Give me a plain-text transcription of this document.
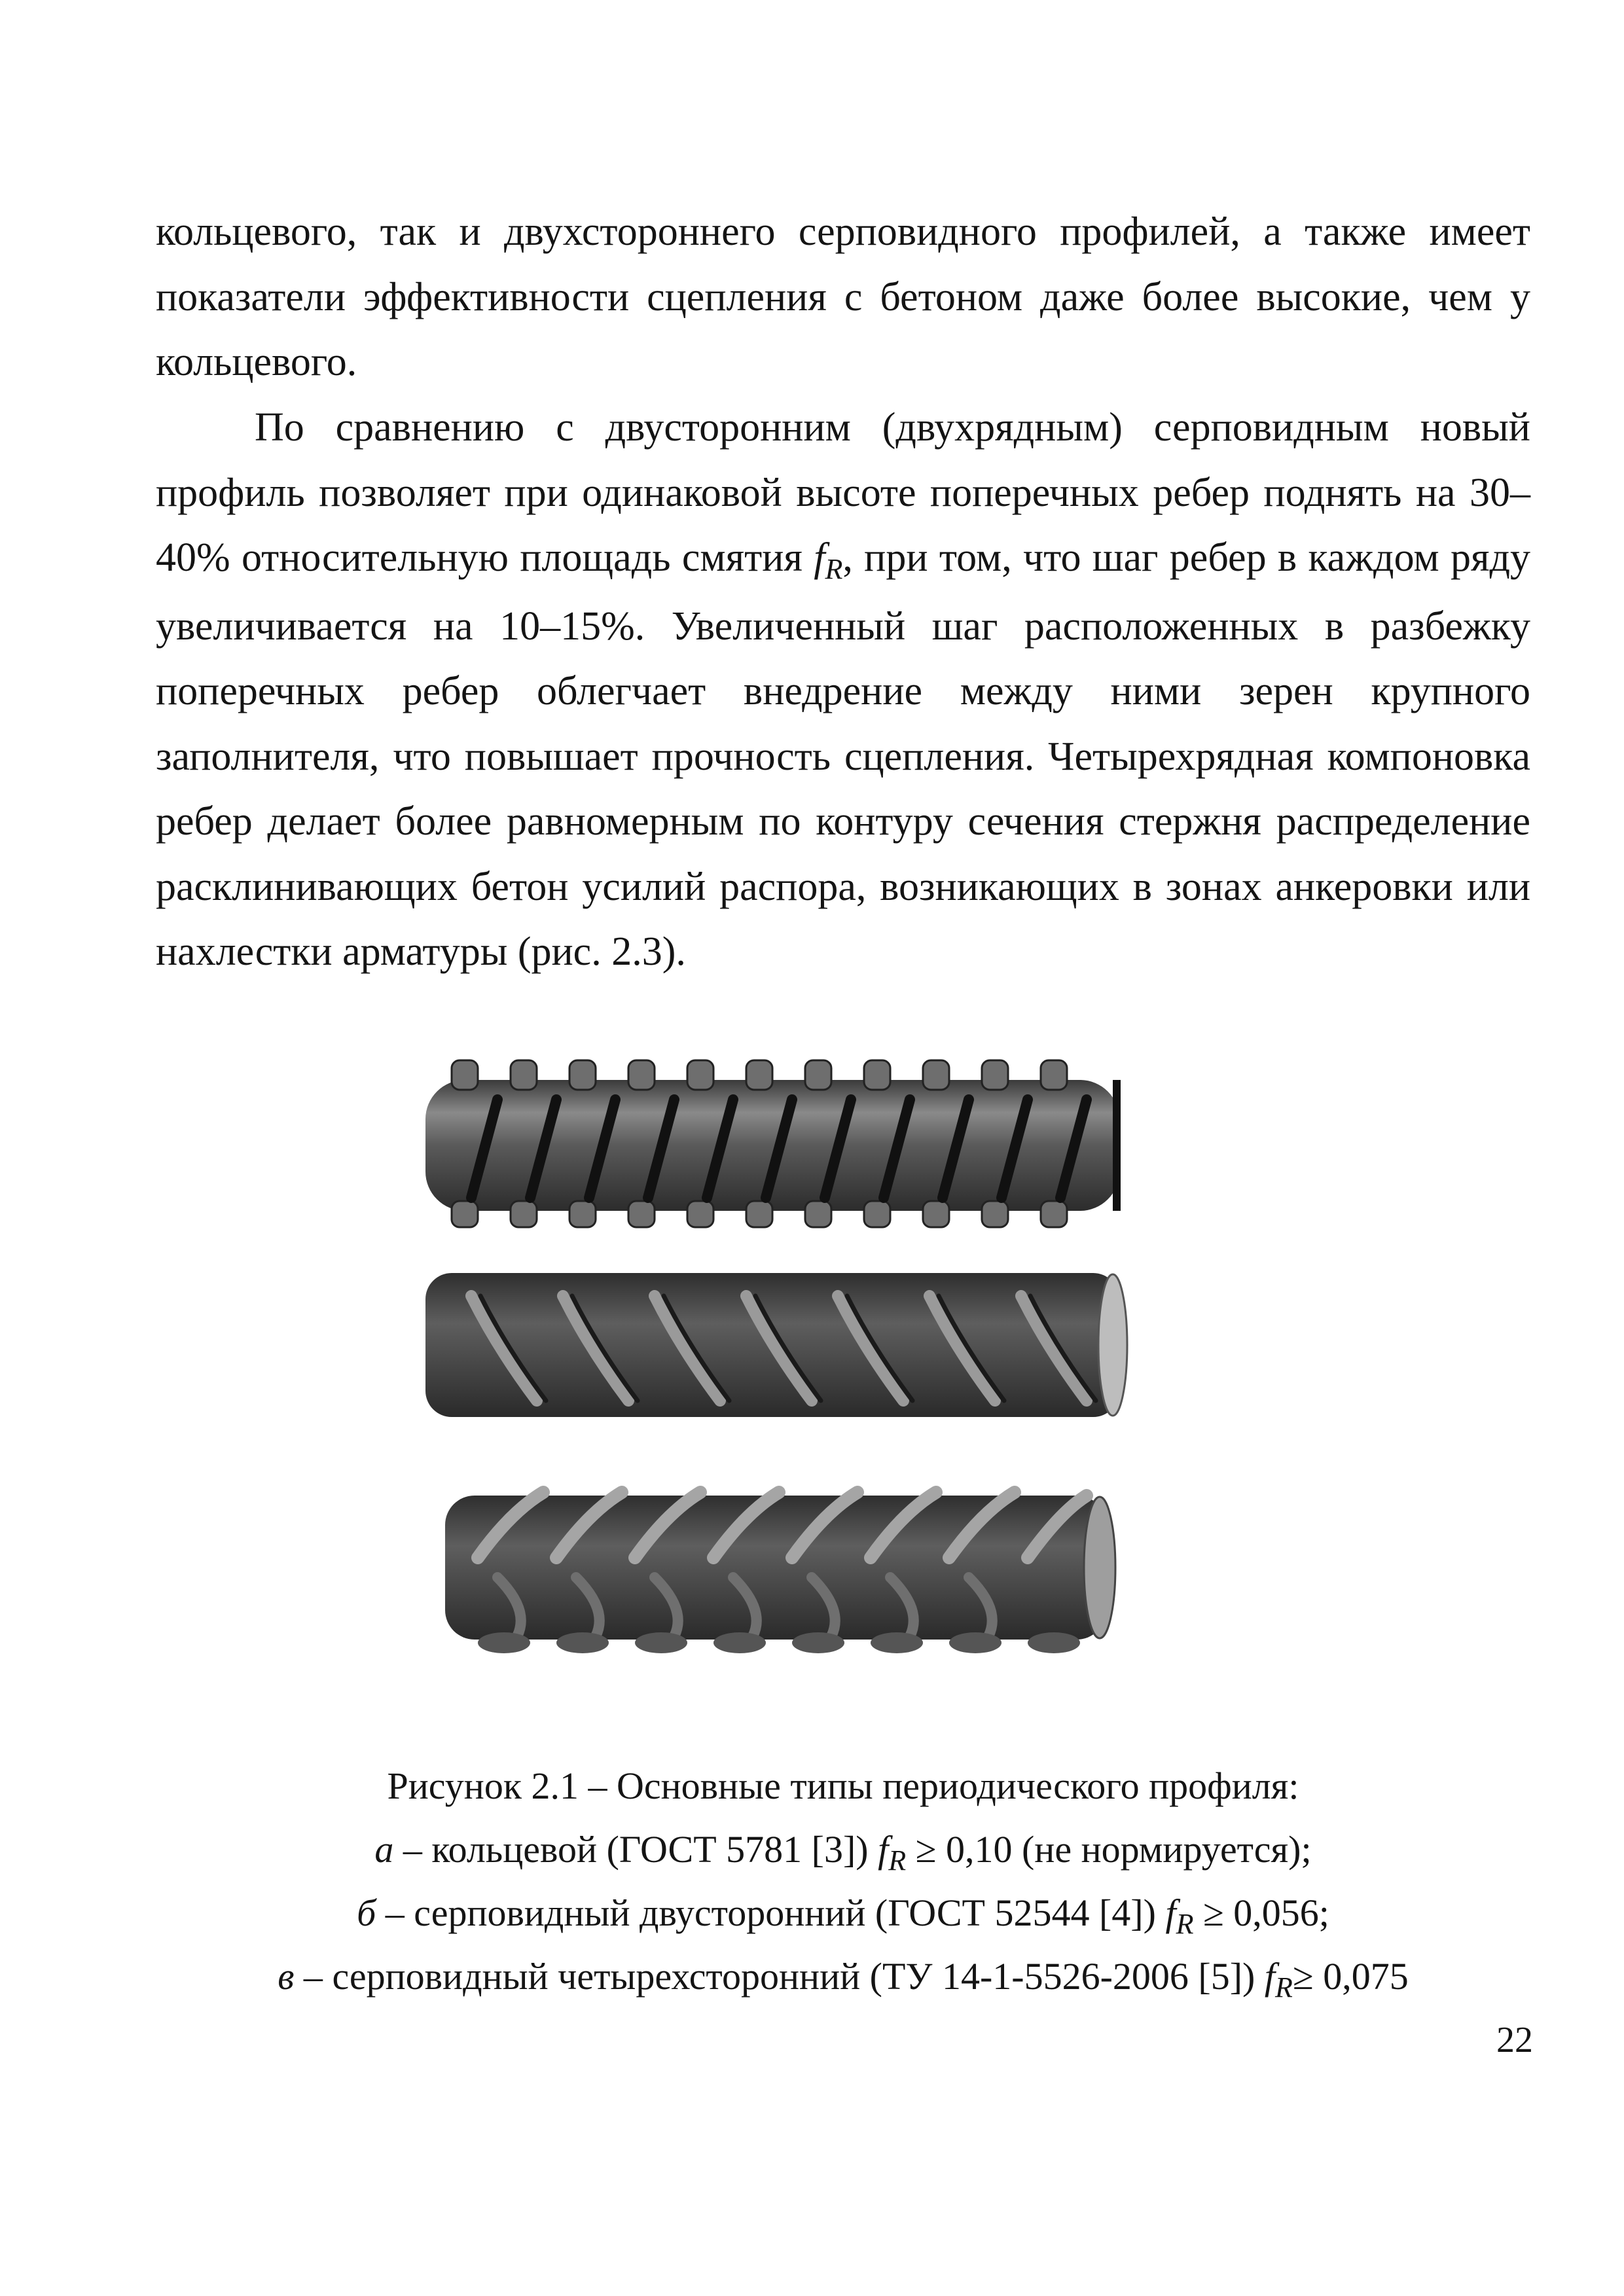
кольцевого, так и двухстороннего серповидного профилей, а также имеет показатели эффективности сцепления с бетоном даже более высокие, чем у кольцевого.

По сравнению с двусторонним (двухрядным) серповидным новый профиль позволяет при одинаковой высоте поперечных ребер поднять на 30–40% относительную площадь смятия fR, при том, что шаг ребер в каждом ряду увеличивается на 10–15%. Увеличенный шаг расположенных в разбежку поперечных ребер облегчает внедрение между ними зерен крупного заполнителя, что повышает прочность сцепления. Четырехрядная компоновка ребер делает более равномерным по контуру сечения стержня распределение расклинивающих бетон усилий распора, возникающих в зонах анкеровки или нахлестки арматуры (рис. 2.3).

Рисунок 2.1 – Основные типы периодического профиля:

а – кольцевой (ГОСТ 5781 [3]) $f_R \ge 0,10$ (не нормируется);

б – серповидный двусторонний (ГОСТ 52544 [4]) $f_R \ge 0,056$;

в – серповидный четырехсторонний (ТУ 14-1-5526-2006 [5]) $f_R\ge 0,075$

22
